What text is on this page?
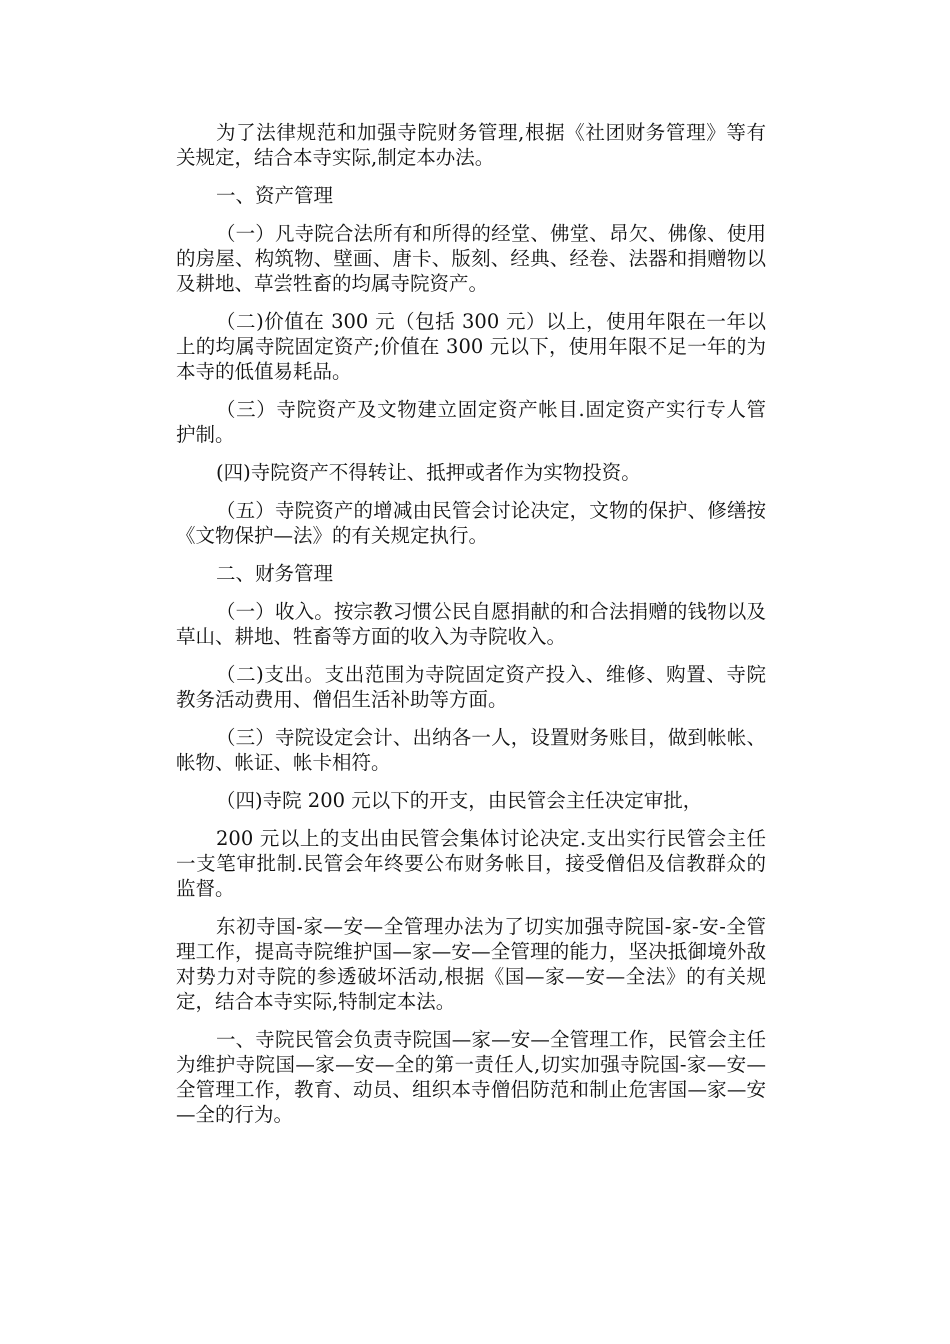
为了法律规范和加强寺院财务管理,根据《社团财务管理》等有关规定，结合本寺实际,制定本办法。

一、资产管理

（一）凡寺院合法所有和所得的经堂、佛堂、昂欠、佛像、使用的房屋、构筑物、壁画、唐卡、版刻、经典、经卷、法器和捐赠物以及耕地、草尝牲畜的均属寺院资产。

（二)价值在 300 元（包括 300 元）以上，使用年限在一年以上的均属寺院固定资产;价值在 300 元以下，使用年限不足一年的为本寺的低值易耗品。

（三）寺院资产及文物建立固定资产帐目.固定资产实行专人管护制。

(四)寺院资产不得转让、抵押或者作为实物投资。

（五）寺院资产的增减由民管会讨论决定，文物的保护、修缮按《文物保护—法》的有关规定执行。

二、财务管理

（一）收入。按宗教习惯公民自愿捐献的和合法捐赠的钱物以及草山、耕地、牲畜等方面的收入为寺院收入。

（二)支出。支出范围为寺院固定资产投入、维修、购置、寺院教务活动费用、僧侣生活补助等方面。

（三）寺院设定会计、出纳各一人，设置财务账目，做到帐帐、帐物、帐证、帐卡相符。

（四)寺院 200 元以下的开支，由民管会主任决定审批，

200 元以上的支出由民管会集体讨论决定.支出实行民管会主任一支笔审批制.民管会年终要公布财务帐目，接受僧侣及信教群众的监督。

东初寺国-家—安—全管理办法为了切实加强寺院国-家-安-全管理工作，提高寺院维护国—家—安—全管理的能力，坚决抵御境外敌对势力对寺院的参透破坏活动,根据《国—家—安—全法》的有关规定，结合本寺实际,特制定本法。

一、寺院民管会负责寺院国—家—安—全管理工作，民管会主任为维护寺院国—家—安—全的第一责任人,切实加强寺院国-家—安—全管理工作，教育、动员、组织本寺僧侣防范和制止危害国—家—安—全的行为。
